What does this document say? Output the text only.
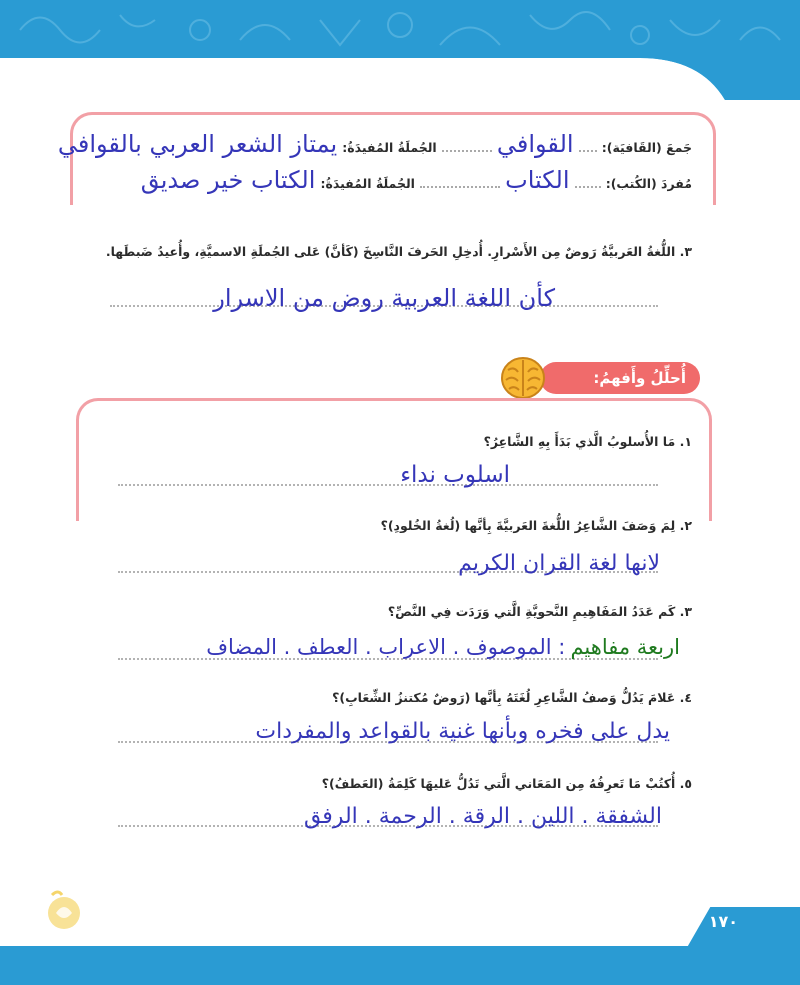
جَمعَ (القَافيَة):  القوافي  الجُملَةُ المُفيدَةُ: يمتاز الشعر العربي بالقوافي
مُفردَ (الكُتب):  الكتاب  الجُملَةُ المُفيدَةُ: الكتاب خير صديق
٣. اللُّغةُ العَربيَّةُ رَوضٌ مِن الأَسْرارِ. أُدخِلِ الحَرفَ النَّاسِخَ (كَأنَّ) عَلى الجُملَةِ الاسميَّةِ، وأُعيدُ ضَبطَها.
كأن اللغة العربية روض من الاسرار
أُحلِّلُ وأَفهمُ:
١. مَا الأُسلوبُ الَّذي بَدَأَ بِهِ الشَّاعِرُ؟
اسلوب نداء
٢. لِمَ وَصَفَ الشَّاعِرُ اللُّغةَ العَربيَّةَ بِأنَّها (لُغةُ الخُلودِ)؟
لانها لغة القران الكريم
٣. كَم عَدَدُ المَفَاهِيمِ النَّحويَّةِ الَّتي وَرَدَت فِي النَّصِّ؟
اربعة مفاهيم : الموصوف . الاعراب . العطف . المضاف
٤. عَلامَ يَدُلُّ وَصفُ الشَّاعِرِ لُغَتَهُ بِأنَّها (رَوضٌ مُكتنزُ الشِّعَابِ)؟
يدل على فخره وبأنها غنية بالقواعد والمفردات
٥. أُكتُبْ مَا تَعرِفُهُ مِن المَعَاني الَّتي تَدُلُّ عَليهَا كَلِمَةُ (العَطفُ)؟
الشفقة . اللين . الرقة . الرحمة . الرفق
١٧٠
